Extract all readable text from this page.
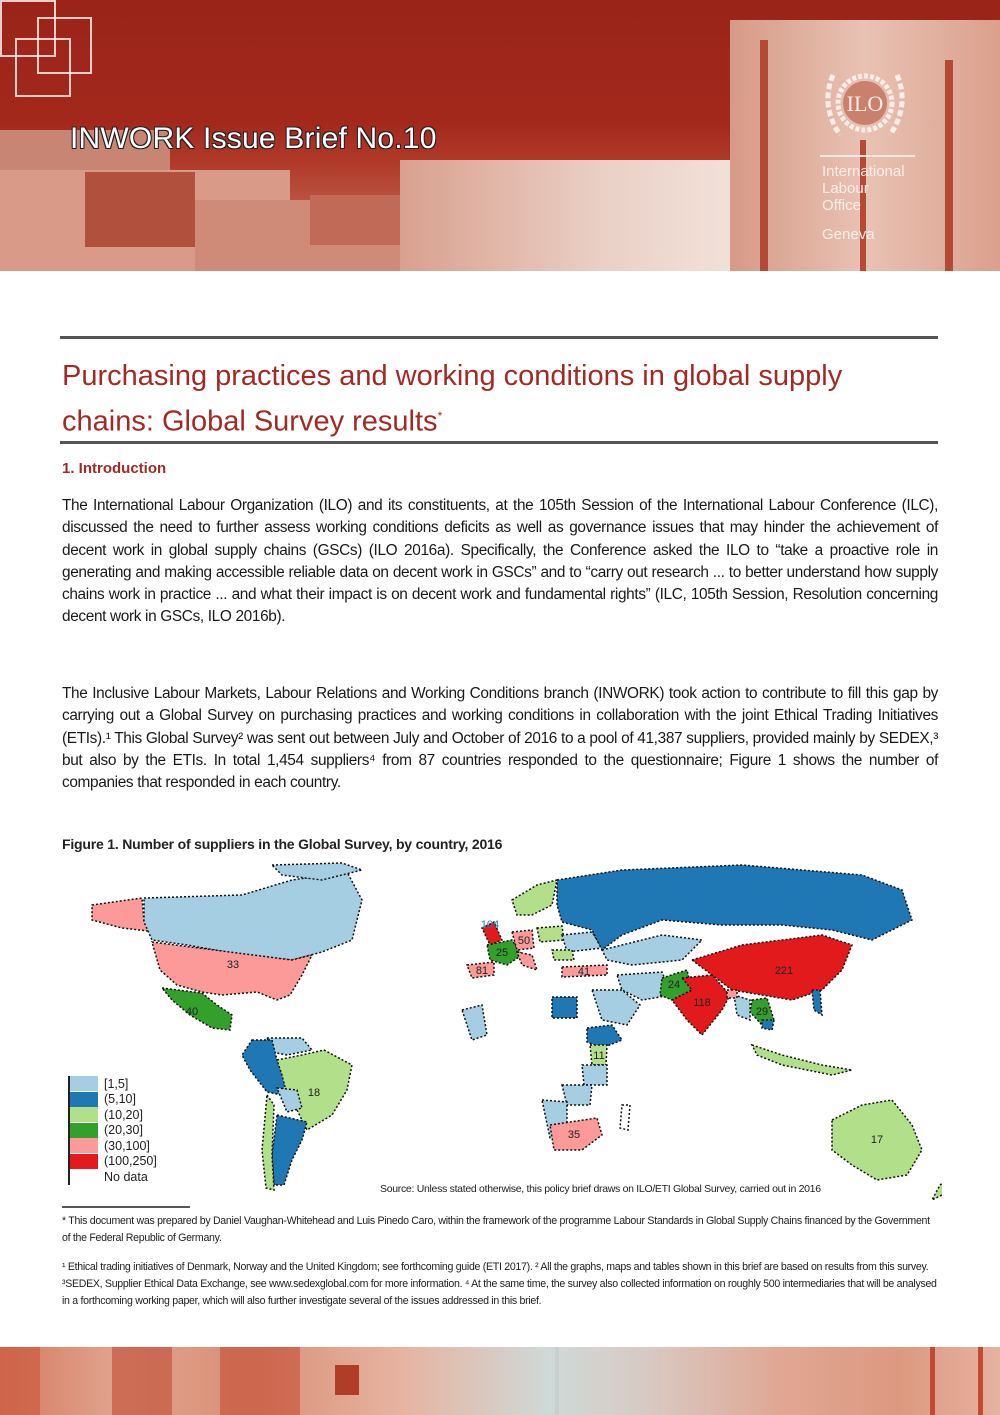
INWORK Issue Brief No.10
ILO
International
Labour
Office
Geneva
Purchasing practices and working conditions in global supply
chains: Global Survey results*
1. Introduction
The International Labour Organization (ILO) and its constituents, at the 105th Session of the International Labour Conference (ILC), discussed the need to further assess working conditions deficits as well as governance issues that may hinder the achievement of decent work in global supply chains (GSCs) (ILO 2016a). Specifically, the Conference asked the ILO to “take a proactive role in generating and making accessible reliable data on decent work in GSCs” and to “carry out research ... to better understand how supply chains work in practice ... and what their impact is on decent work and fundamental rights” (ILC, 105th Session, Resolution concerning decent work in GSCs, ILO 2016b).
The Inclusive Labour Markets, Labour Relations and Working Conditions branch (INWORK) took action to contribute to fill this gap by carrying out a Global Survey on purchasing practices and working conditions in collaboration with the joint Ethical Trading Initiatives (ETIs).¹ This Global Survey² was sent out between July and October of 2016 to a pool of 41,387 suppliers, provided mainly by SEDEX,³ but also by the ETIs. In total 1,454 suppliers⁴ from 87 countries responded to the questionnaire; Figure 1 shows the number of companies that responded in each country.
Figure 1. Number of suppliers in the Global Survey, by country, 2016
33
40
18
104
25
50
81	41	221
118
24
29
11
35	17
[1,5]
(5,10]
(10,20]
(20,30]
(30,100]
(100,250]
No data
Source: Unless stated otherwise, this policy brief draws on ILO/ETI Global Survey, carried out in 2016
* This document was prepared by Daniel Vaughan-Whitehead and Luis Pinedo Caro, within the framework of the programme Labour Standards in Global Supply Chains financed by the Government of the Federal Republic of Germany.
¹ Ethical trading initiatives of Denmark, Norway and the United Kingdom; see forthcoming guide (ETI 2017). ² All the graphs, maps and tables shown in this brief are based on results from this survey. ³SEDEX, Supplier Ethical Data Exchange, see www.sedexglobal.com for more information. ⁴ At the same time, the survey also collected information on roughly 500 intermediaries that will be analysed in a forthcoming working paper, which will also further investigate several of the issues addressed in this brief.
